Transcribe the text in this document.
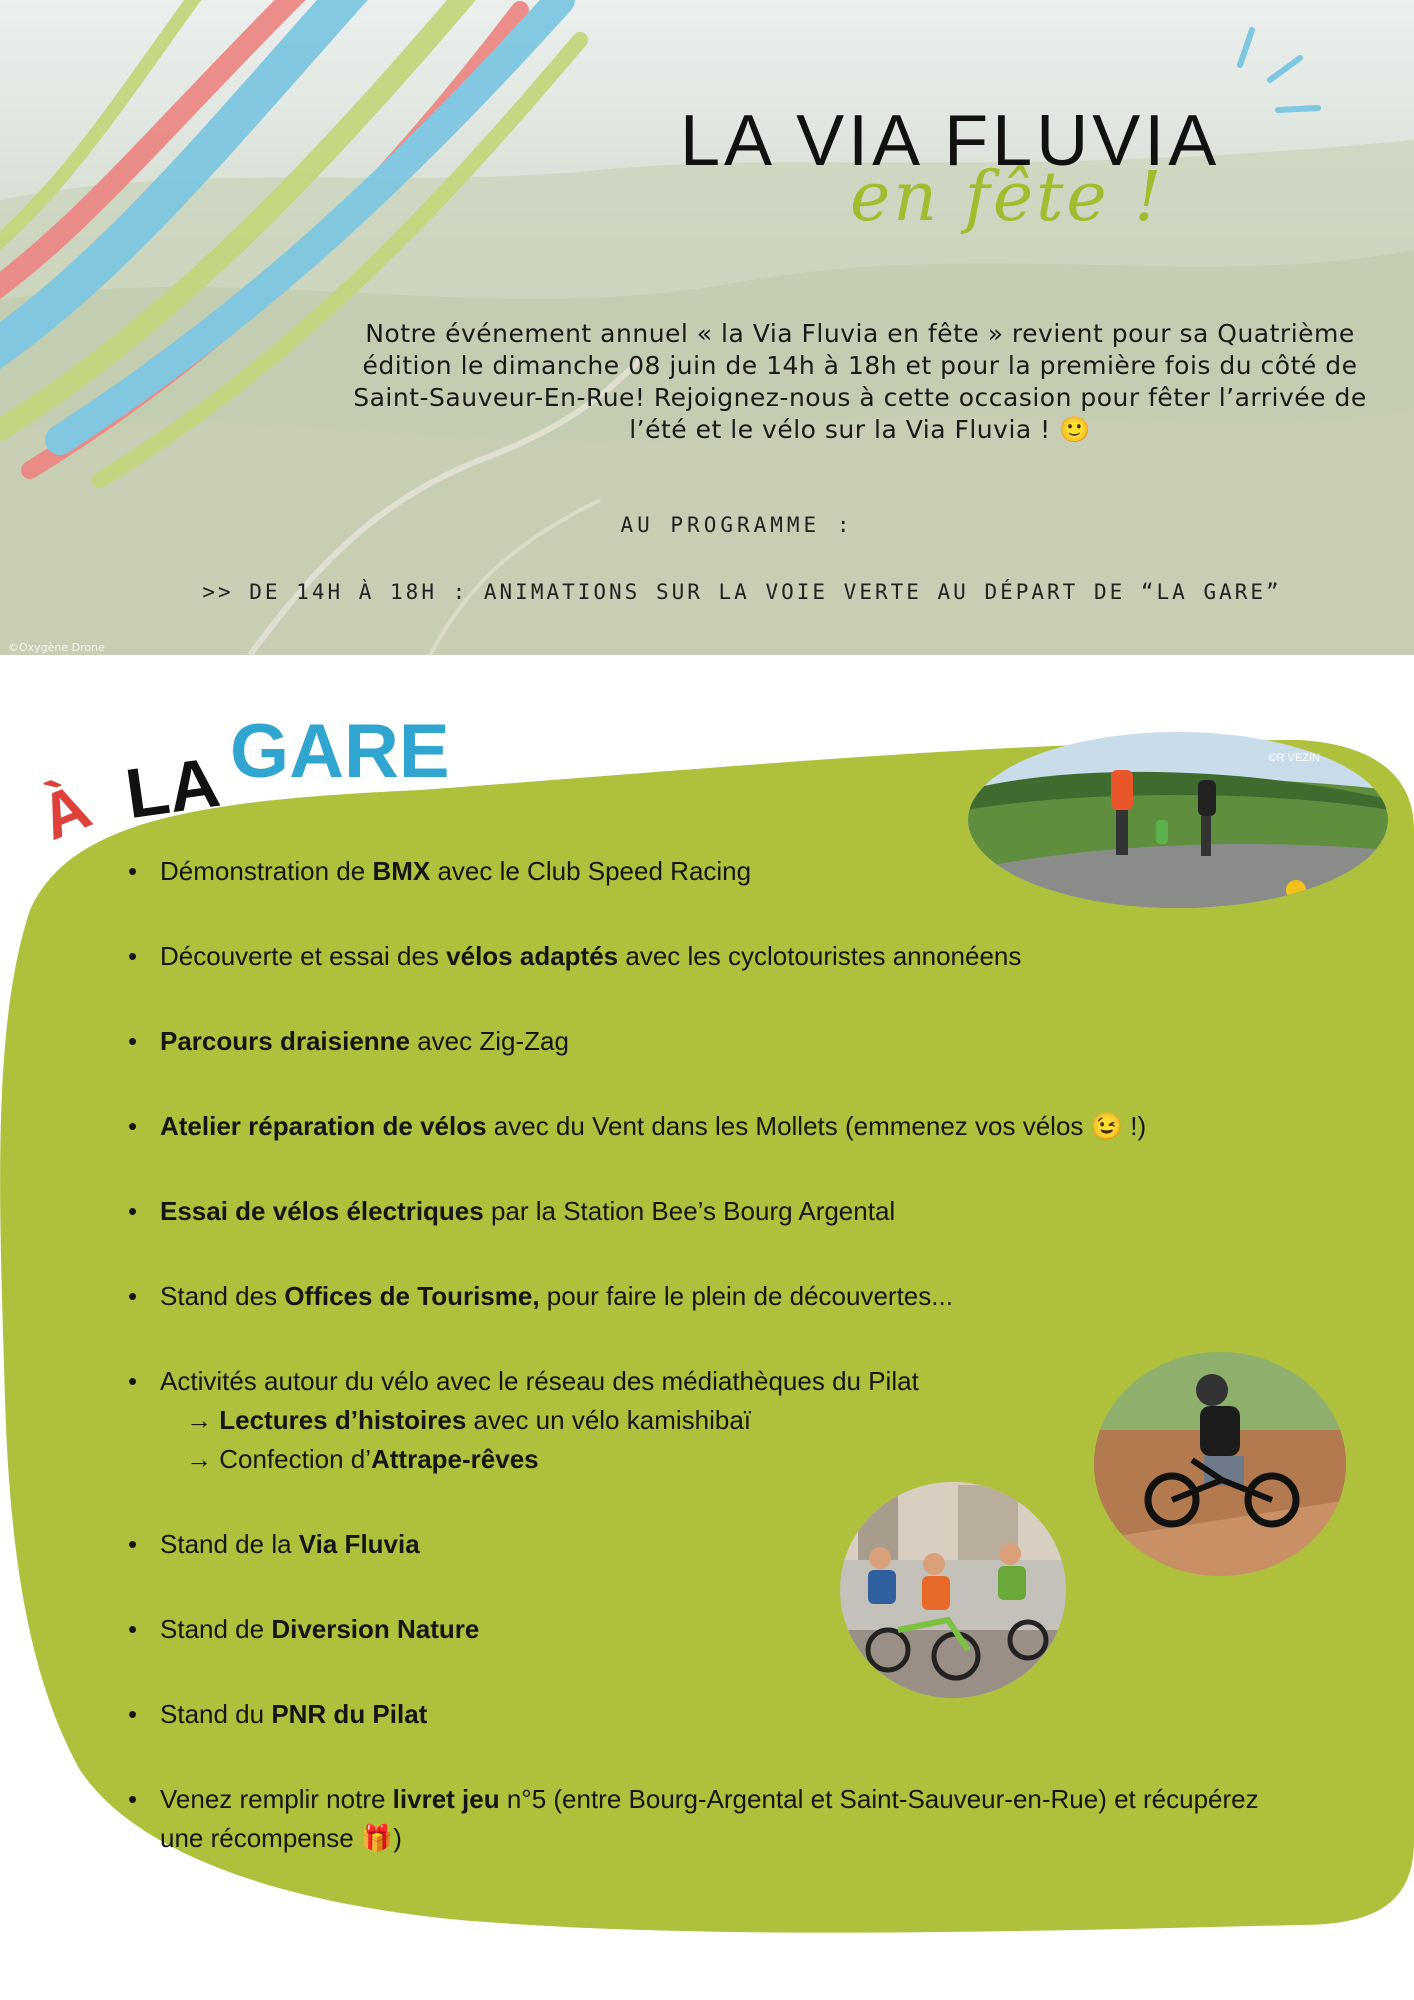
LA VIA FLUVIA
en fête !
Notre événement annuel « la Via Fluvia en fête » revient pour sa Quatrième édition le dimanche 08 juin de 14h à 18h et pour la première fois du côté de Saint-Sauveur-En-Rue! Rejoignez-nous à cette occasion pour fêter l’arrivée de l’été et le vélo sur la Via Fluvia ! 🙂
AU PROGRAMME :
>> DE 14H À 18H : ANIMATIONS SUR LA VOIE VERTE AU DÉPART DE “LA GARE”
©Oxygène Drone
À LA GARE
• Démonstration de BMX avec le Club Speed Racing
• Découverte et essai des vélos adaptés avec les cyclotouristes annonéens
• Parcours draisienne avec Zig-Zag
• Atelier réparation de vélos avec du Vent dans les Mollets (emmenez vos vélos 😉 !)
• Essai de vélos électriques par la Station Bee’s Bourg Argental
• Stand des Offices de Tourisme, pour faire le plein de découvertes...
• Activités autour du vélo avec le réseau des médiathèques du Pilat
→ Lectures d’histoires avec un vélo kamishibaï
→ Confection d’Attrape-rêves
• Stand de la Via Fluvia
• Stand de Diversion Nature
• Stand du PNR du Pilat
• Venez remplir notre livret jeu n°5 (entre Bourg-Argental et Saint-Sauveur-en-Rue) et récupérez une récompense 🎁)
©R VEZIN
